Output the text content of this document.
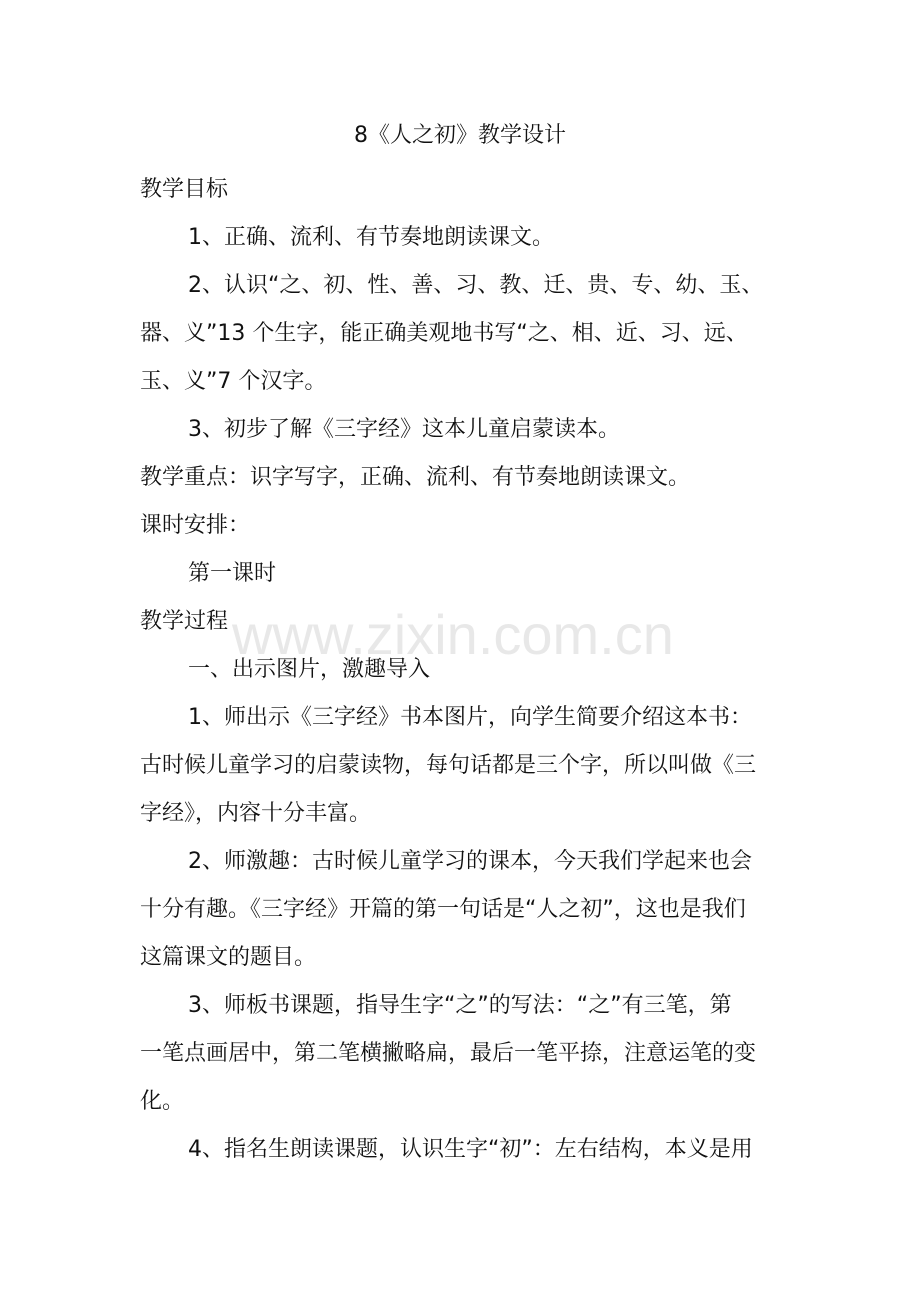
8《人之初》教学设计
教学目标
1、正确、流利、有节奏地朗读课文。
2、认识“之、初、性、善、习、教、迁、贵、专、幼、玉、
器、义”13 个生字，能正确美观地书写“之、相、近、习、远、
玉、义”7 个汉字。
3、初步了解《三字经》这本儿童启蒙读本。
教学重点：识字写字，正确、流利、有节奏地朗读课文。
课时安排：
第一课时
教学过程
一、出示图片，激趣导入
1、师出示《三字经》书本图片，向学生简要介绍这本书：
古时候儿童学习的启蒙读物，每句话都是三个字，所以叫做《三
字经》，内容十分丰富。
2、师激趣：古时候儿童学习的课本，今天我们学起来也会
十分有趣。《三字经》开篇的第一句话是“人之初”，这也是我们
这篇课文的题目。
3、师板书课题，指导生字“之”的写法：“之”有三笔，第
一笔点画居中，第二笔横撇略扁，最后一笔平捺，注意运笔的变
化。
4、指名生朗读课题，认识生字“初”：左右结构，本义是用
www.zixin.com.cn
